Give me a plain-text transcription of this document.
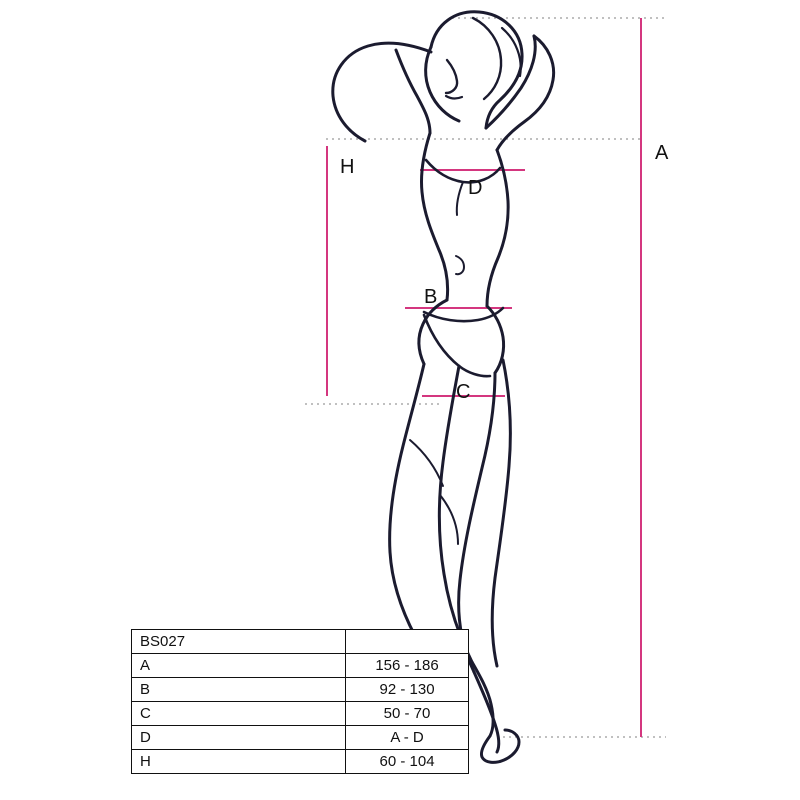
A
H
D
B
C
BS027	
A	156 - 186
B	92 - 130
C	50 - 70
D	A - D
H	60 - 104
